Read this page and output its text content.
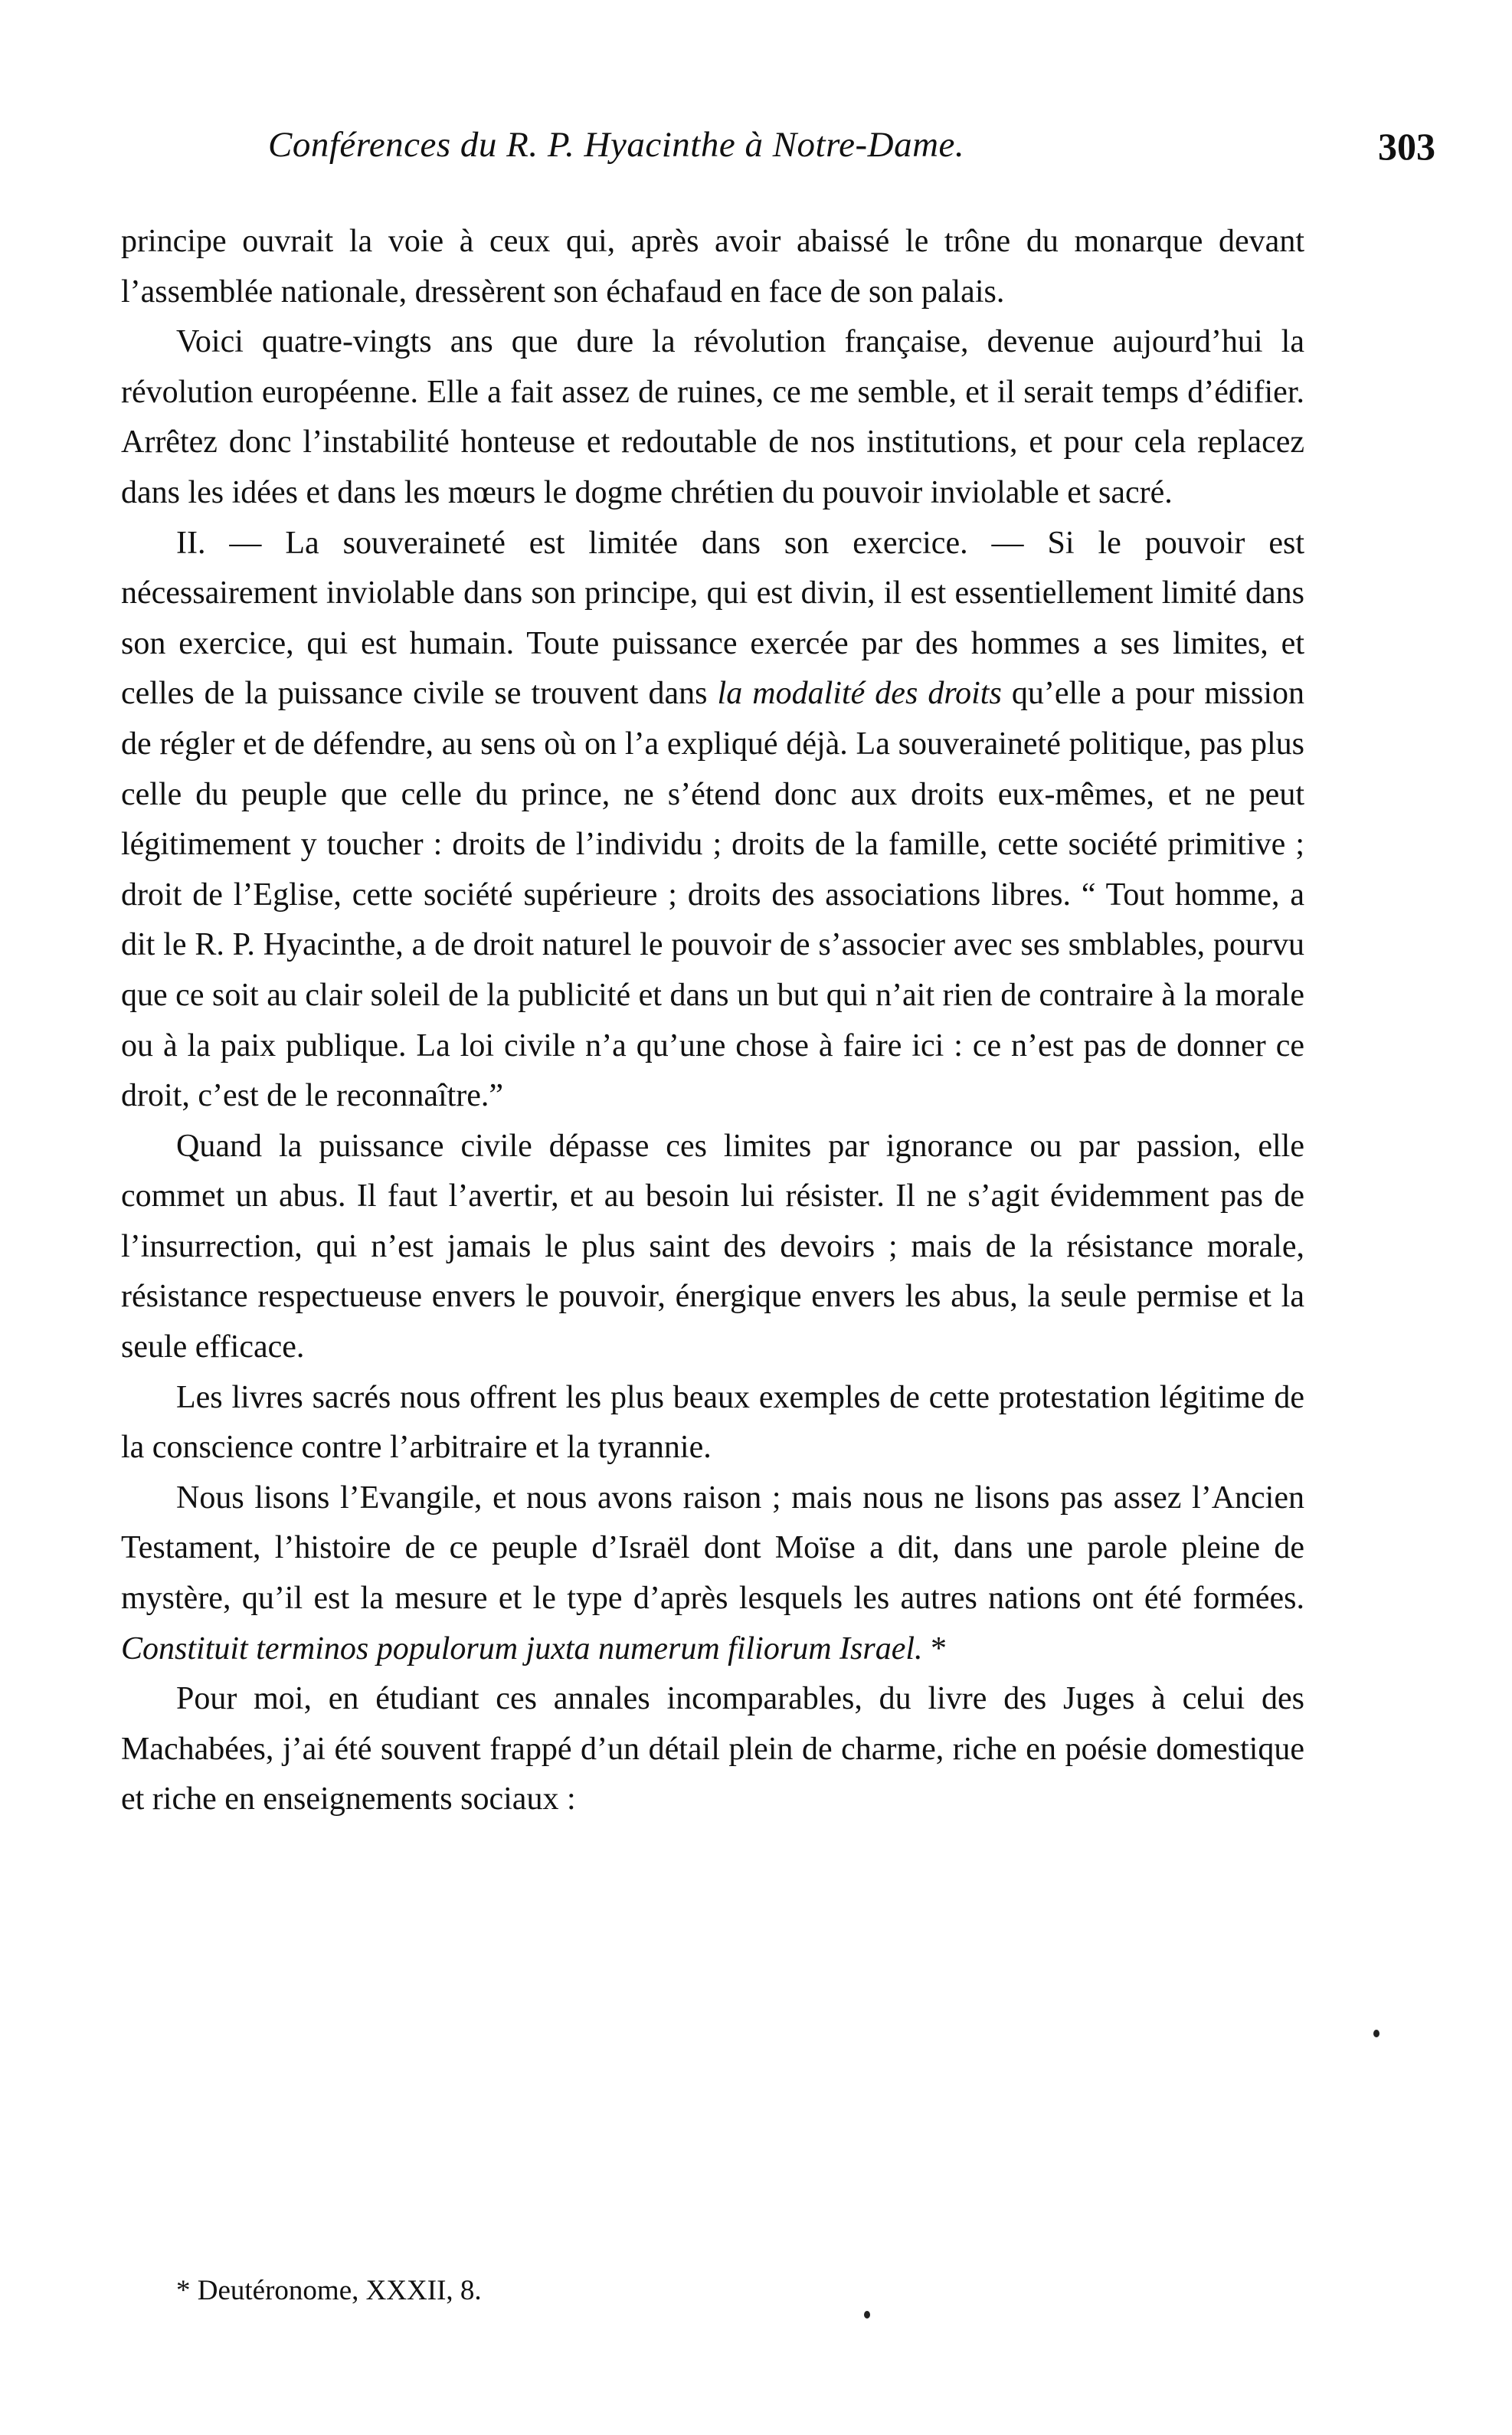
Conférences du R. P. Hyacinthe à Notre-Dame.	303

principe ouvrait la voie à ceux qui, après avoir abaissé le trône du monarque devant l’assemblée nationale, dressèrent son échafaud en face de son palais.

Voici quatre-vingts ans que dure la révolution française, devenue aujourd’hui la révolution européenne. Elle a fait assez de ruines, ce me semble, et il serait temps d’édifier. Arrêtez donc l’instabilité honteuse et redoutable de nos institutions, et pour cela replacez dans les idées et dans les mœurs le dogme chrétien du pouvoir inviolable et sacré.

II. — La souveraineté est limitée dans son exercice. — Si le pouvoir est nécessairement inviolable dans son principe, qui est divin, il est essentiellement limité dans son exercice, qui est humain. Toute puissance exercée par des hommes a ses limites, et celles de la puissance civile se trouvent dans la modalité des droits qu’elle a pour mission de régler et de défendre, au sens où on l’a expliqué déjà. La souveraineté politique, pas plus celle du peuple que celle du prince, ne s’étend donc aux droits eux-mêmes, et ne peut légitimement y toucher : droits de l’individu ; droits de la famille, cette société primitive ; droit de l’Eglise, cette société supérieure ; droits des associations libres. “ Tout homme, a dit le R. P. Hyacinthe, a de droit naturel le pouvoir de s’associer avec ses smblables, pourvu que ce soit au clair soleil de la publicité et dans un but qui n’ait rien de contraire à la morale ou à la paix publique. La loi civile n’a qu’une chose à faire ici : ce n’est pas de donner ce droit, c’est de le reconnaître.”

Quand la puissance civile dépasse ces limites par ignorance ou par passion, elle commet un abus. Il faut l’avertir, et au besoin lui résister. Il ne s’agit évidemment pas de l’insurrection, qui n’est jamais le plus saint des devoirs ; mais de la résistance morale, résistance respectueuse envers le pouvoir, énergique envers les abus, la seule permise et la seule efficace.

Les livres sacrés nous offrent les plus beaux exemples de cette protestation légitime de la conscience contre l’arbitraire et la tyrannie.

Nous lisons l’Evangile, et nous avons raison ; mais nous ne lisons pas assez l’Ancien Testament, l’histoire de ce peuple d’Israël dont Moïse a dit, dans une parole pleine de mystère, qu’il est la mesure et le type d’après lesquels les autres nations ont été formées. Constituit terminos populorum juxta numerum filiorum Israel. *

Pour moi, en étudiant ces annales incomparables, du livre des Juges à celui des Machabées, j’ai été souvent frappé d’un détail plein de charme, riche en poésie domestique et riche en enseignements sociaux :

* Deutéronome, XXXII, 8.
